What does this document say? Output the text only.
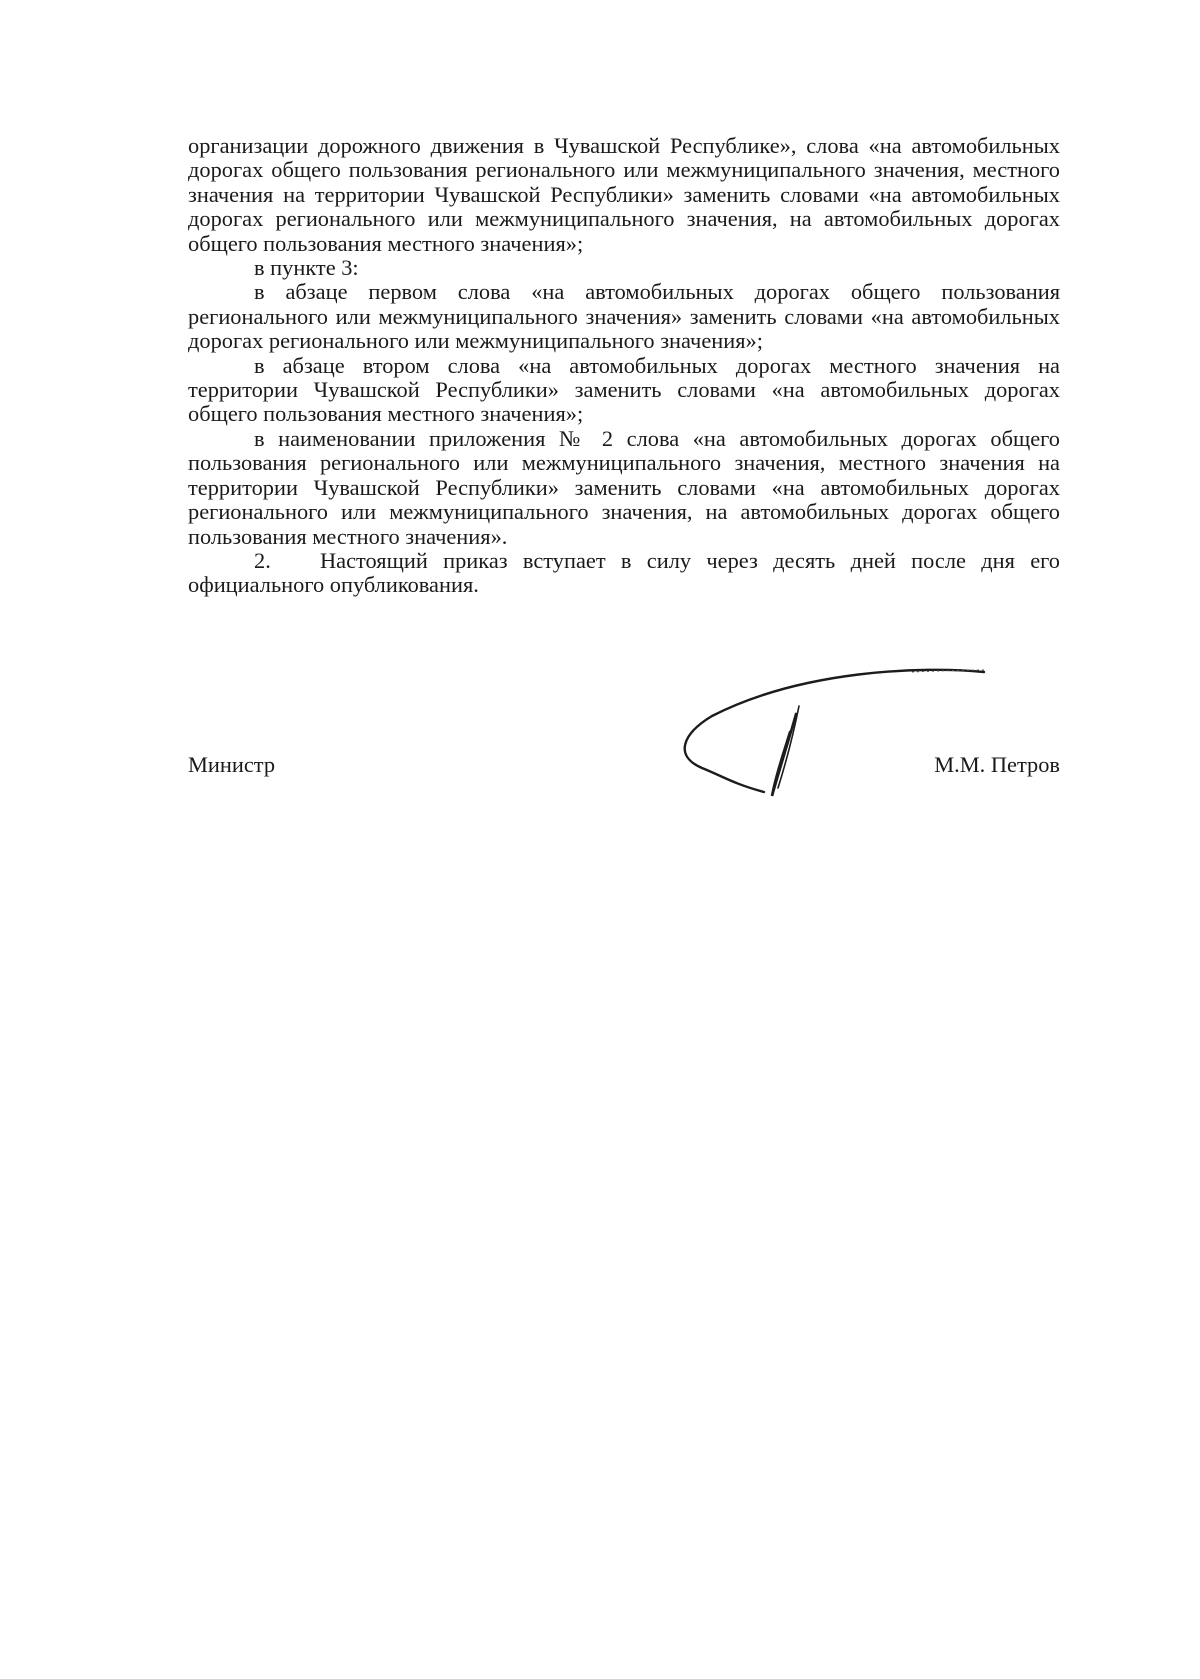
организации дорожного движения в Чувашской Республике», слова «на автомобильных дорогах общего пользования регионального или межмуниципального значения, местного значения на территории Чувашской Республики» заменить словами «на автомобильных дорогах регионального или межмуниципального значения, на автомобильных дорогах общего пользования местного значения»;

в пункте 3:

в абзаце первом слова «на автомобильных дорогах общего пользования регионального или межмуниципального значения» заменить словами «на автомобильных дорогах регионального или межмуниципального значения»;

в абзаце втором слова «на автомобильных дорогах местного значения на территории Чувашской Республики» заменить словами «на автомобильных дорогах общего пользования местного значения»;

в наименовании приложения № 2 слова «на автомобильных дорогах общего пользования регионального или межмуниципального значения, местного значения на территории Чувашской Республики» заменить словами «на автомобильных дорогах регионального или межмуниципального значения, на автомобильных дорогах общего пользования местного значения».

2. Настоящий приказ вступает в силу через десять дней после дня его официального опубликования.

Министр	М.М. Петров
